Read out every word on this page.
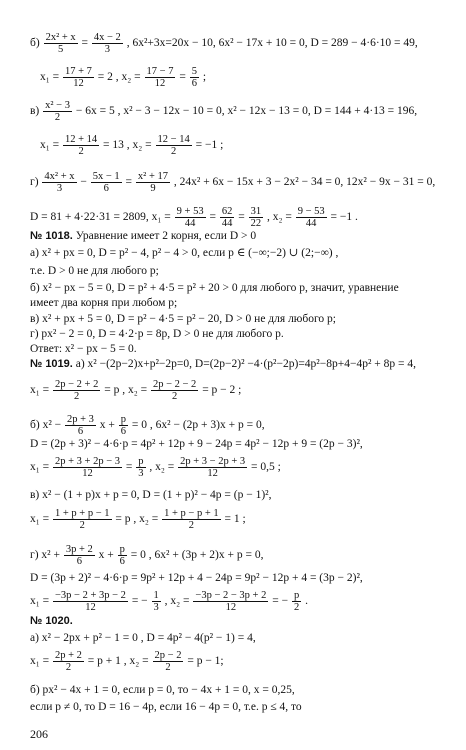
$б) \frac{\text{2x² + x}}{5} = \frac{4x - 2}{3}$ , 6x²+3x=20x − 10, 6x² − 17x + 10 = 0, D = 289 − 4·6·10 = 49,
$x_1 = \frac{17 + 7}{12} = 2$ , $x_2 = \frac{17 - 7}{12} = \frac{5}{6}$ ;
$в) \frac{\text{x² − 3}}{2} - 6x = 5$ , x² − 3 − 12x − 10 = 0, x² − 12x − 13 = 0, D = 144 + 4·13 = 196,
$x_1 = \frac{12 + 14}{2} = 13$ , $x_2 = \frac{12 - 14}{2} = -1$ ;
$г) \frac{\text{4x² + x}}{3} - \frac{5x - 1}{6} = \frac{\text{x² + 17}}{9}$ , 24x² + 6x − 15x + 3 − 2x² − 34 = 0, 12x² − 9x − 31 = 0,
D = 81 + 4·22·31 = 2809, $x_1 = \frac{9 + 53}{44} = \frac{62}{44} = \frac{31}{22}$ , $x_2 = \frac{9 - 53}{44} = -1$ .
№ 1018. Уравнение имеет 2 корня, если D > 0
а) x² + px = 0, D = p² − 4, p² − 4 > 0, если p ∈ (−∞;−2) ∪ (2;−∞) ,
т.е. D > 0 не для любого p;
б) x² − px − 5 = 0, D = p² + 4·5 = p² + 20 > 0 для любого p, значит, уравнение
имеет два корня при любом p;
в) x² + px + 5 = 0, D = p² − 4·5 = p² − 20, D > 0 не для любого p;
г) px² − 2 = 0, D = 4·2·p = 8p, D > 0 не для любого p.
Ответ: x² − px − 5 = 0.
№ 1019. а) x² −(2p−2)x+p²−2p=0, D=(2p−2)² −4·(p²−2p)=4p²−8p+4−4p² + 8p = 4,
$x_1 = \frac{2p - 2 + 2}{2} = p$ , $x_2 = \frac{2p - 2 - 2}{2} = p - 2$ ;
б) $x^2 - \frac{2p + 3}{6}$ $x + \frac{p}{6} = 0$ , 6x² − (2p + 3)x + p = 0,
D = (2p + 3)² − 4·6·p = 4p² + 12p + 9 − 24p = 4p² − 12p + 9 = (2p − 3)²,
$x_1 = \frac{2p + 3 + 2p - 3}{12} = \frac{p}{3}$ , $x_2 = \frac{2p + 3 - 2p + 3}{12} = 0,5$ ;
в) x² − (1 + p)x + p = 0, D = (1 + p)² − 4p = (p − 1)²,
$x_1 = \frac{1 + p + p - 1}{2} = p$ , $x_2 = \frac{1 + p - p + 1}{2} = 1$ ;
г) $x^2 + \frac{3p + 2}{6}$ $x + \frac{p}{6} = 0$ , 6x² + (3p + 2)x + p = 0,
D = (3p + 2)² − 4·6·p = 9p² + 12p + 4 − 24p = 9p² − 12p + 4 = (3p − 2)²,
$x_1 = \frac{-3p - 2 + 3p - 2}{12}$ = − $\frac{1}{3}$ , $x_2 = \frac{-3p - 2 - 3p + 2}{12}$ = − $\frac{p}{2}$ .
№ 1020.
а) x² − 2px + p² − 1 = 0 , D = 4p² − 4(p² − 1) = 4,
$x_1 = \frac{2p + 2}{2} = p + 1$ , $x_2 = \frac{2p - 2}{2} = p - 1$;
б) px² − 4x + 1 = 0, если p = 0, то − 4x + 1 = 0, x = 0,25,
если p ≠ 0, то D = 16 − 4p, если 16 − 4p = 0, т.е. p ≤ 4, то
206
